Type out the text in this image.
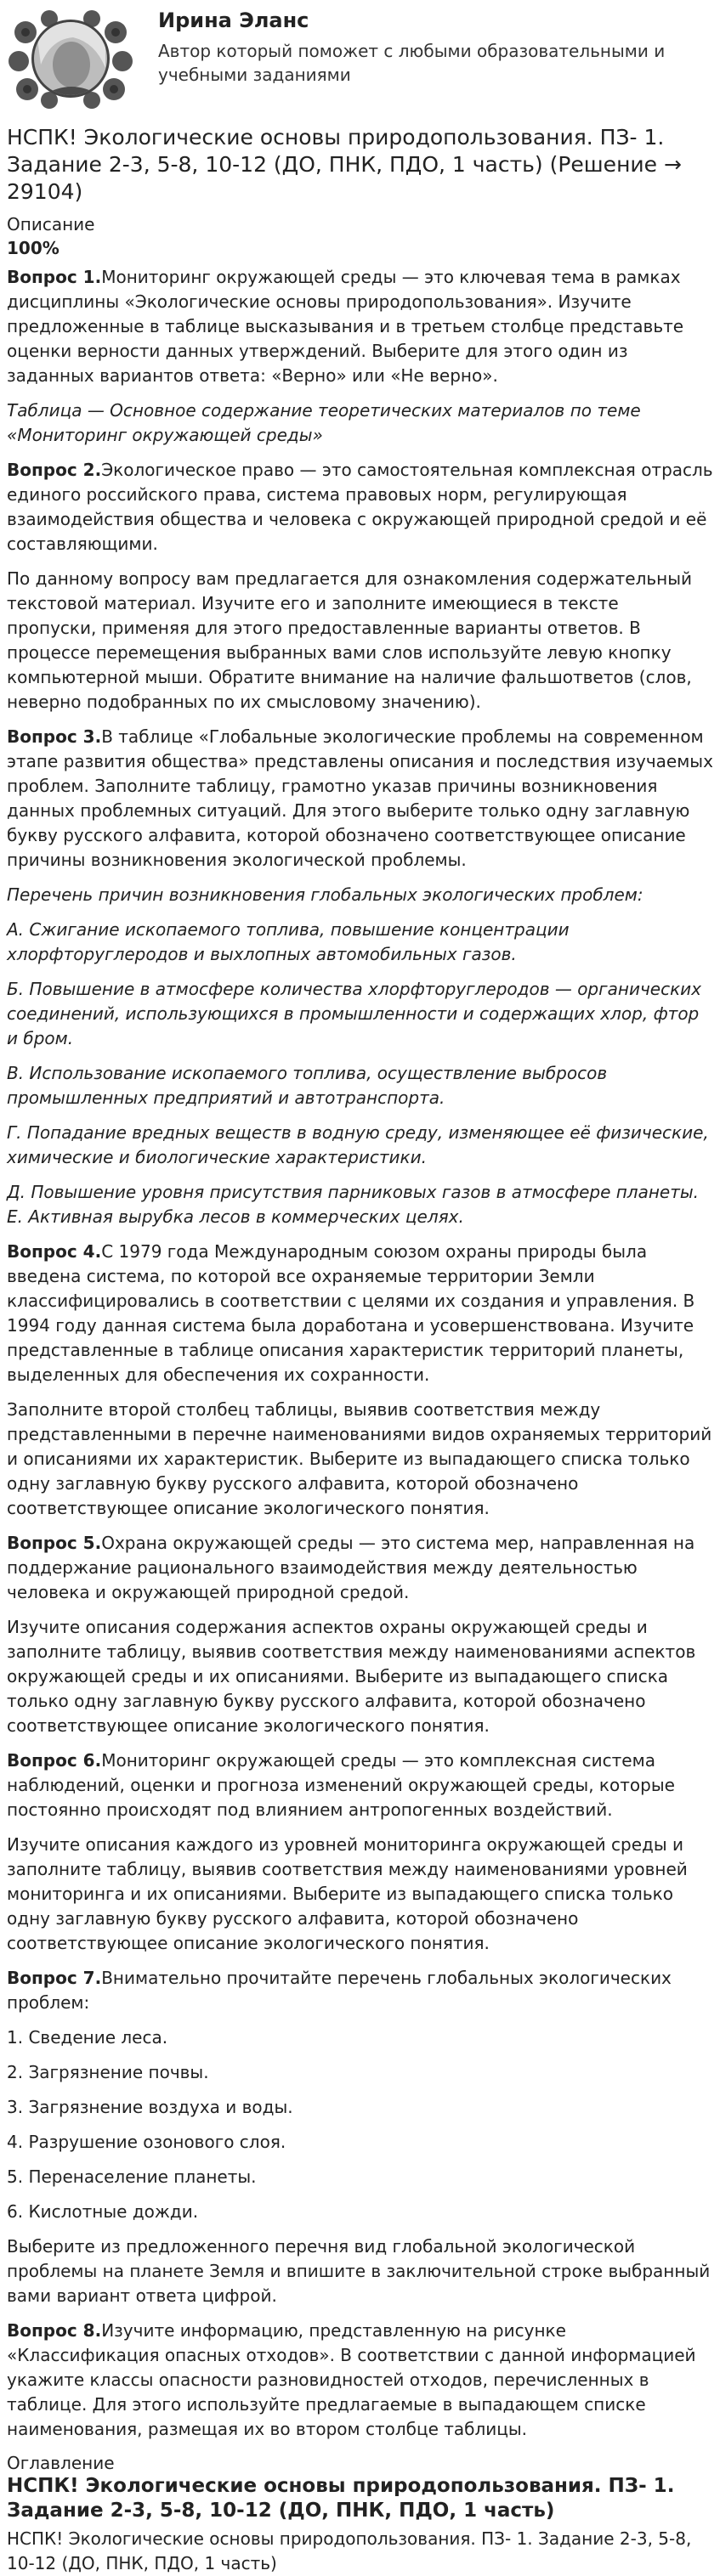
Ирина Эланс
Автор который поможет с любыми образовательными и учебными заданиями
НСПК! Экологические основы природопользования. ПЗ- 1. Задание 2-3, 5-8, 10-12 (ДО, ПНК, ПДО, 1 часть) (Решение → 29104)
Описание
100%

Вопрос 1.Мониторинг окружающей среды — это ключевая тема в рамках дисциплины «Экологические основы природопользования». Изучите предложенные в таблице высказывания и в третьем столбце представьте оценки верности данных утверждений. Выберите для этого один из заданных вариантов ответа: «Верно» или «Не верно».

Таблица — Основное содержание теоретических материалов по теме «Мониторинг окружающей среды»

Вопрос 2.Экологическое право — это самостоятельная комплексная отрасль единого российского права, система правовых норм, регулирующая взаимодействия общества и человека с окружающей природной средой и её составляющими.

По данному вопросу вам предлагается для ознакомления содержательный текстовой материал. Изучите его и заполните имеющиеся в тексте пропуски, применяя для этого предоставленные варианты ответов. В процессе перемещения выбранных вами слов используйте левую кнопку компьютерной мыши. Обратите внимание на наличие фальшответов (слов, неверно подобранных по их смысловому значению).

Вопрос 3.В таблице «Глобальные экологические проблемы на современном этапе развития общества» представлены описания и последствия изучаемых проблем. Заполните таблицу, грамотно указав причины возникновения данных проблемных ситуаций. Для этого выберите только одну заглавную букву русского алфавита, которой обозначено соответствующее описание причины возникновения экологической проблемы.

Перечень причин возникновения глобальных экологических проблем:

А. Сжигание ископаемого топлива, повышение концентрации хлорфторуглеродов и выхлопных автомобильных газов.

Б. Повышение в атмосфере количества хлорфторуглеродов — органических соединений, использующихся в промышленности и содержащих хлор, фтор и бром.

В. Использование ископаемого топлива, осуществление выбросов промышленных предприятий и автотранспорта.

Г. Попадание вредных веществ в водную среду, изменяющее её физические, химические и биологические характеристики.

Д. Повышение уровня присутствия парниковых газов в атмосфере планеты. Е. Активная вырубка лесов в коммерческих целях.

Вопрос 4.С 1979 года Международным союзом охраны природы была введена система, по которой все охраняемые территории Земли классифицировались в соответствии с целями их создания и управления. В 1994 году данная система была доработана и усовершенствована. Изучите представленные в таблице описания характеристик территорий планеты, выделенных для обеспечения их сохранности.

Заполните второй столбец таблицы, выявив соответствия между представленными в перечне наименованиями видов охраняемых территорий и описаниями их характеристик. Выберите из выпадающего списка только одну заглавную букву русского алфавита, которой обозначено соответствующее описание экологического понятия.

Вопрос 5.Охрана окружающей среды — это система мер, направленная на поддержание рационального взаимодействия между деятельностью человека и окружающей природной средой.

Изучите описания содержания аспектов охраны окружающей среды и заполните таблицу, выявив соответствия между наименованиями аспектов окружающей среды и их описаниями. Выберите из выпадающего списка только одну заглавную букву русского алфавита, которой обозначено соответствующее описание экологического понятия.

Вопрос 6.Мониторинг окружающей среды — это комплексная система наблюдений, оценки и прогноза изменений окружающей среды, которые постоянно происходят под влиянием антропогенных воздействий.

Изучите описания каждого из уровней мониторинга окружающей среды и заполните таблицу, выявив соответствия между наименованиями уровней мониторинга и их описаниями. Выберите из выпадающего списка только одну заглавную букву русского алфавита, которой обозначено соответствующее описание экологического понятия.

Вопрос 7.Внимательно прочитайте перечень глобальных экологических проблем:

1. Сведение леса.

2. Загрязнение почвы.

3. Загрязнение воздуха и воды.

4. Разрушение озонового слоя.

5. Перенаселение планеты.

6. Кислотные дожди.

Выберите из предложенного перечня вид глобальной экологической проблемы на планете Земля и впишите в заключительной строке выбранный вами вариант ответа цифрой.

Вопрос 8.Изучите информацию, представленную на рисунке «Классификация опасных отходов». В соответствии с данной информацией укажите классы опасности разновидностей отходов, перечисленных в таблице. Для этого используйте предлагаемые в выпадающем списке наименования, размещая их во втором столбце таблицы.

Оглавление
НСПК! Экологические основы природопользования. ПЗ- 1. Задание 2-3, 5-8, 10-12 (ДО, ПНК, ПДО, 1 часть)
НСПК! Экологические основы природопользования. ПЗ- 1. Задание 2-3, 5-8, 10-12 (ДО, ПНК, ПДО, 1 часть)
